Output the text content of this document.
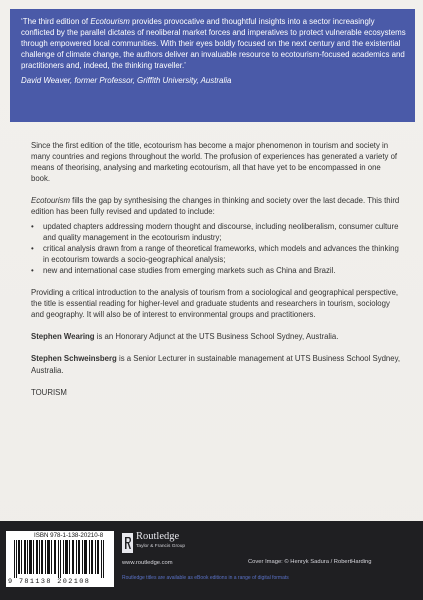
‘The third edition of Ecotourism provides provocative and thoughtful insights into a sector increasingly conflicted by the parallel dictates of neoliberal market forces and imperatives to protect vulnerable ecosystems through empowered local communities. With their eyes boldly focused on the next century and the existential challenge of climate change, the authors deliver an invaluable resource to ecotourism-focused academics and practitioners and, indeed, the thinking traveller.’

David Weaver, former Professor, Griffith University, Australia

Since the first edition of the title, ecotourism has become a major phenomenon in tourism and society in many countries and regions throughout the world. The profusion of experiences has generated a variety of means of theorising, analysing and marketing ecotourism, all that have yet to be encompassed in one book.

Ecotourism fills the gap by synthesising the changes in thinking and society over the last decade. This third edition has been fully revised and updated to include:

• updated chapters addressing modern thought and discourse, including neoliberalism, consumer culture and quality management in the ecotourism industry;
• critical analysis drawn from a range of theoretical frameworks, which models and advances the thinking in ecotourism towards a socio-geographical analysis;
• new and international case studies from emerging markets such as China and Brazil.

Providing a critical introduction to the analysis of tourism from a sociological and geographical perspective, the title is essential reading for higher-level and graduate students and researchers in tourism, sociology and geography. It will also be of interest to environmental groups and practitioners.

Stephen Wearing is an Honorary Adjunct at the UTS Business School Sydney, Australia.

Stephen Schweinsberg is a Senior Lecturer in sustainable management at UTS Business School Sydney, Australia.

TOURISM

ISBN 978-1-138-20210-8
9 781138 202108
Routledge
Taylor & Francis Group
www.routledge.com	Cover Image: © Henryk Sadura / RobertHarding
Routledge titles are available as eBook editions in a range of digital formats
